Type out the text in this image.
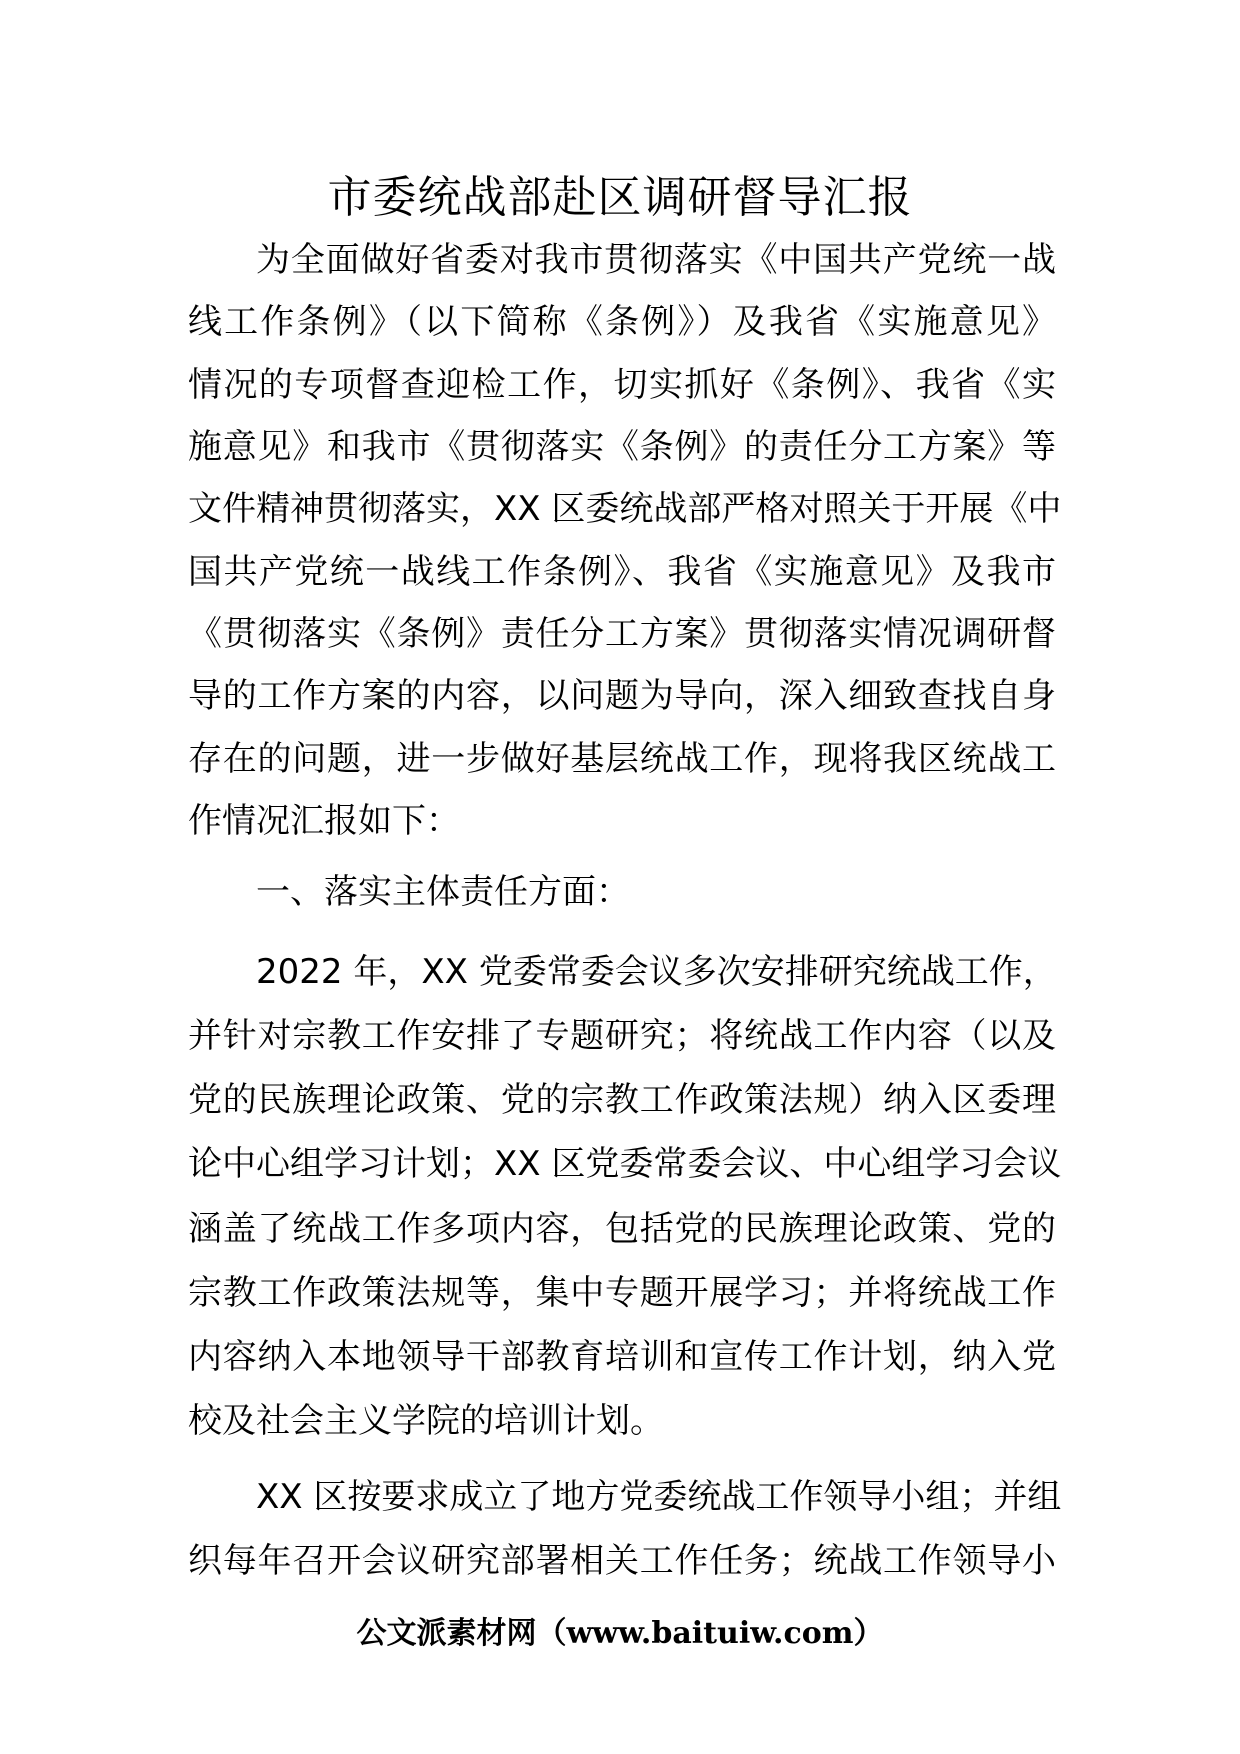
市委统战部赴区调研督导汇报
为全面做好省委对我市贯彻落实《中国共产党统一战
线工作条例》（以下简称《条例》）及我省《实施意见》
情况的专项督查迎检工作，切实抓好《条例》、我省《实
施意见》和我市《贯彻落实《条例》的责任分工方案》等
文件精神贯彻落实，XX 区委统战部严格对照关于开展《中
国共产党统一战线工作条例》、我省《实施意见》及我市
《贯彻落实《条例》责任分工方案》贯彻落实情况调研督
导的工作方案的内容，以问题为导向，深入细致查找自身
存在的问题，进一步做好基层统战工作，现将我区统战工
作情况汇报如下：
一、落实主体责任方面：
2022 年，XX 党委常委会议多次安排研究统战工作，
并针对宗教工作安排了专题研究；将统战工作内容（以及
党的民族理论政策、党的宗教工作政策法规）纳入区委理
论中心组学习计划；XX 区党委常委会议、中心组学习会议
涵盖了统战工作多项内容，包括党的民族理论政策、党的
宗教工作政策法规等，集中专题开展学习；并将统战工作
内容纳入本地领导干部教育培训和宣传工作计划，纳入党
校及社会主义学院的培训计划。
XX 区按要求成立了地方党委统战工作领导小组；并组
织每年召开会议研究部署相关工作任务；统战工作领导小
公文派素材网（www.baituiw.com）
